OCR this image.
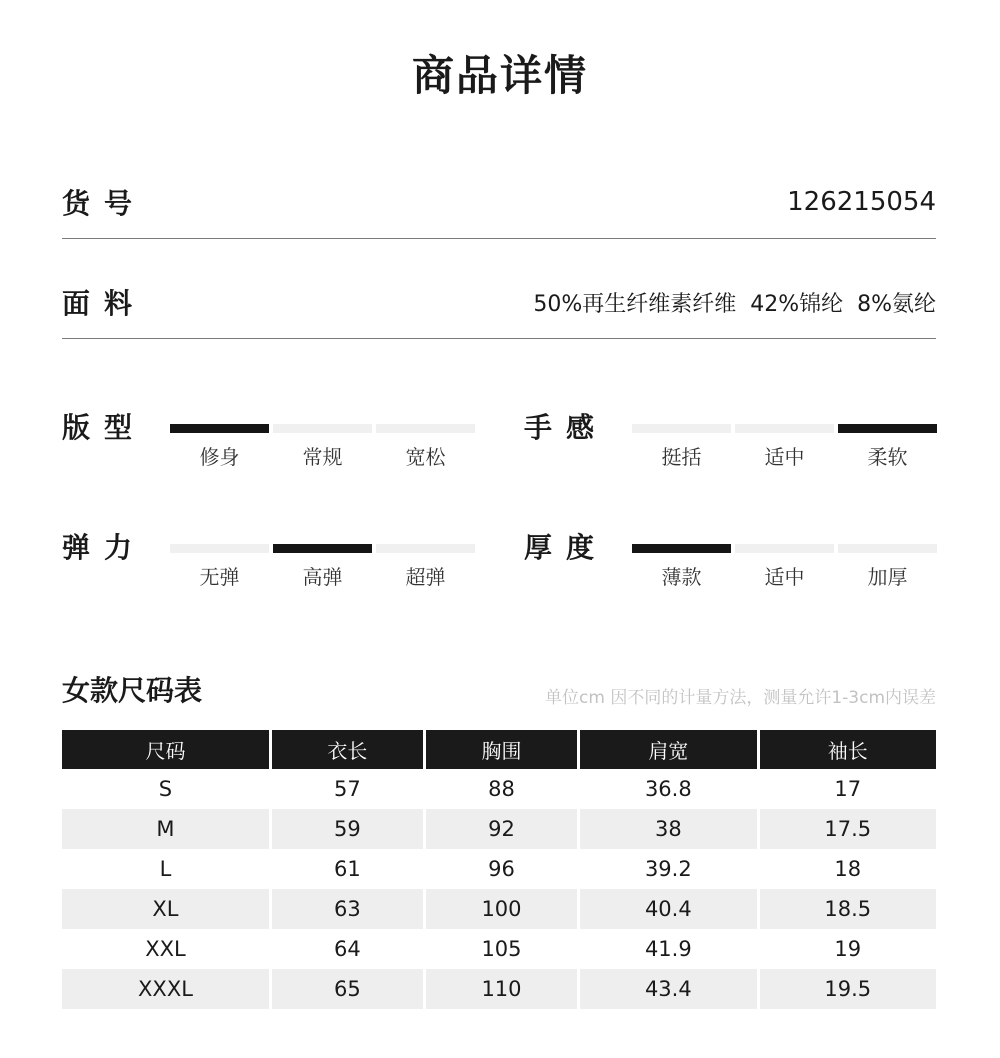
商品详情
货号	126215054
面料	50%再生纤维素纤维  42%锦纶  8%氨纶
版型
修身	常规	宽松
手感
挺括	适中	柔软
弹力
无弹	高弹	超弹
厚度
薄款	适中	加厚
女款尺码表	单位cm 因不同的计量方法，测量允许1-3cm内误差
尺码	衣长	胸围	肩宽	袖长
S	57	88	36.8	17
M	59	92	38	17.5
L	61	96	39.2	18
XL	63	100	40.4	18.5
XXL	64	105	41.9	19
XXXL	65	110	43.4	19.5
